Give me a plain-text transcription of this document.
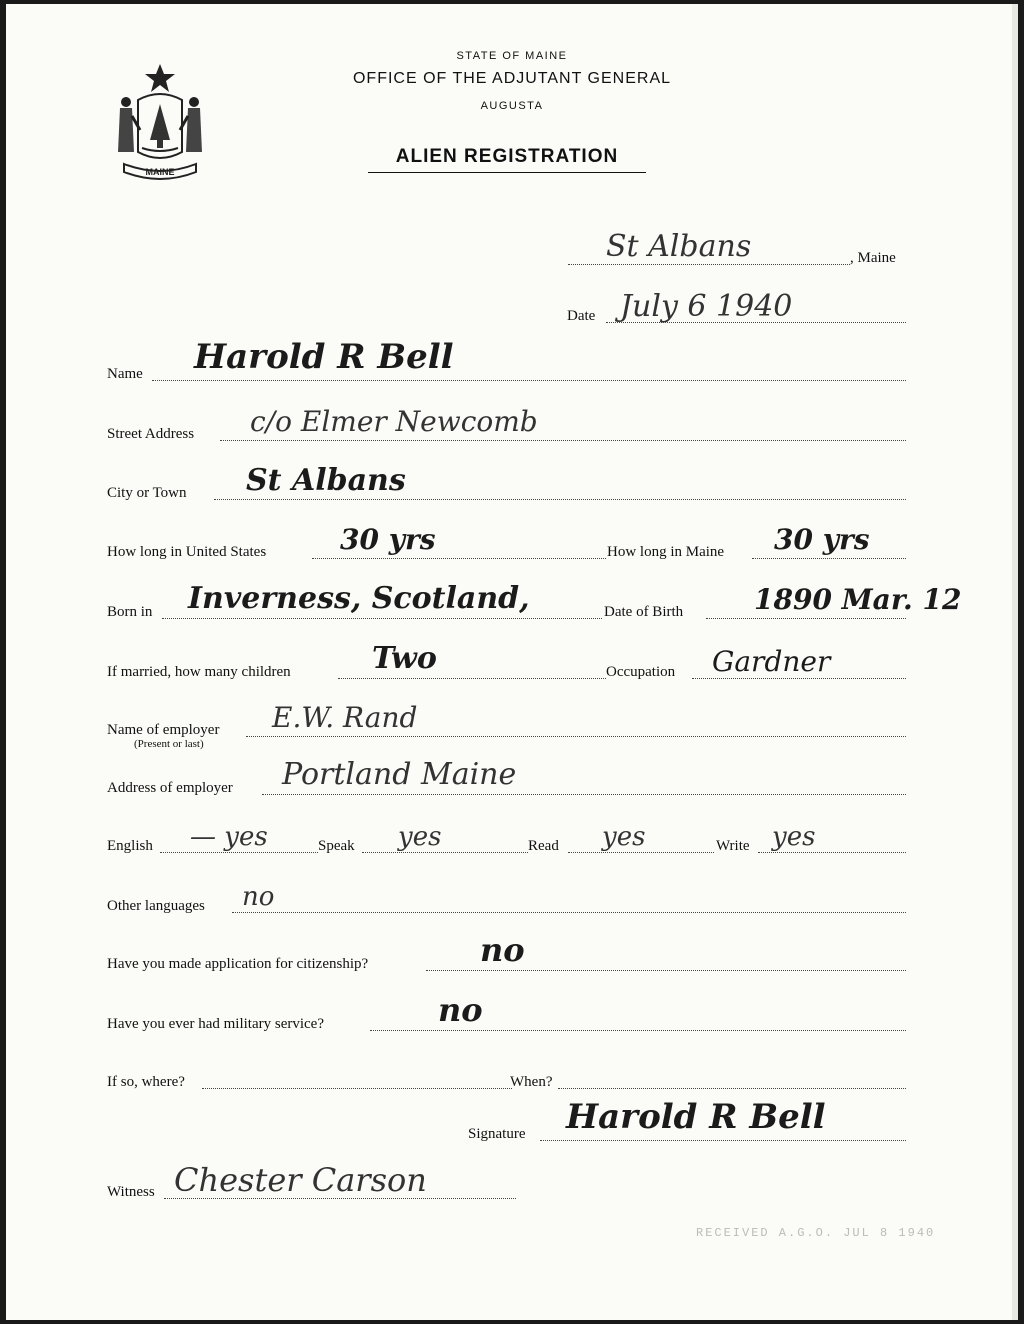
MAINE
STATE OF MAINE
OFFICE OF THE ADJUTANT GENERAL
AUGUSTA
ALIEN REGISTRATION
St Albans	, Maine
Date July 6 1940
Name Harold R Bell
Street Address c/o Elmer Newcomb
City or Town St Albans
How long in United States	30 yrs	How long in Maine 30 yrs
Born in Inverness, Scotland,	Date of Birth	1890 Mar. 12
If married, how many children	Two	Occupation Gardner
Name of employer
(Present or last)
E.W. Rand
Address of employer Portland Maine
English — yes	Speak yes	Read yes	Write yes
Other languages no
Have you made application for citizenship?	no
Have you ever had military service?	no
If so, where?	When?
Signature Harold R Bell
Witness Chester Carson
RECEIVED A.G.O. JUL 8 1940
